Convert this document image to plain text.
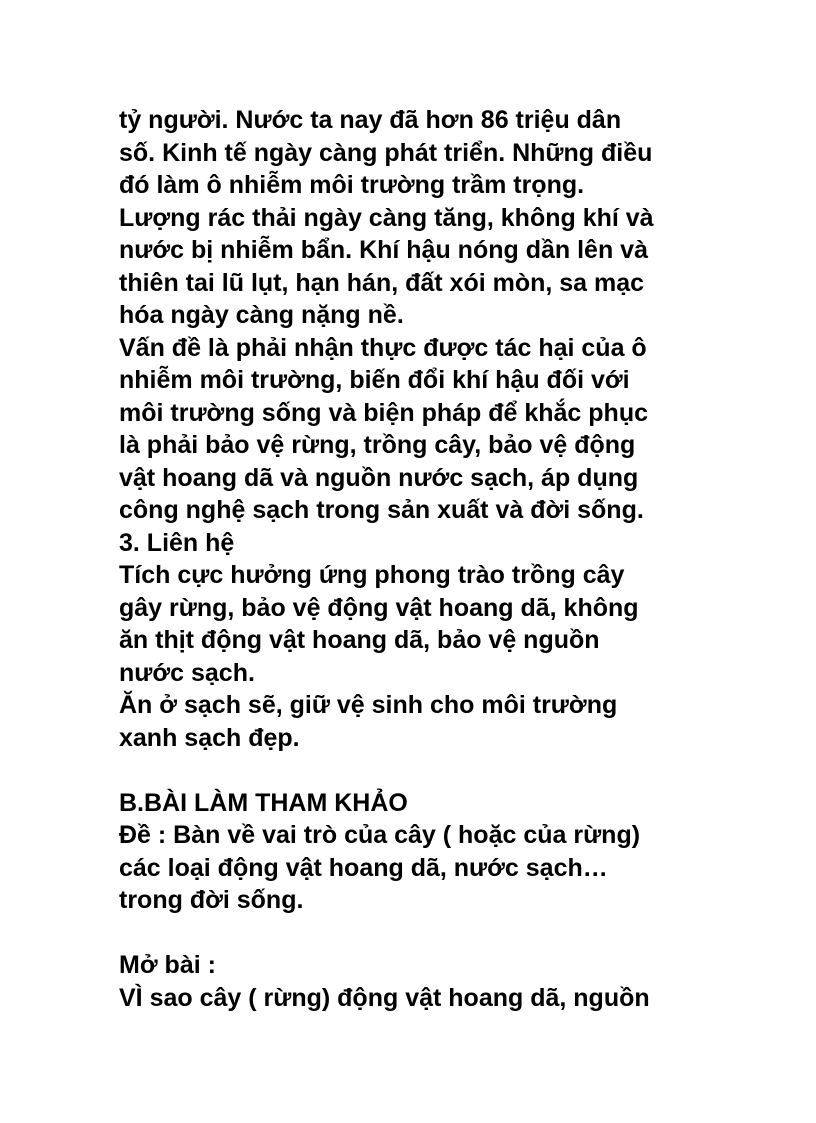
tỷ người. Nước ta nay đã hơn 86 triệu dân
số. Kinh tế ngày càng phát triển. Những điều
đó làm ô nhiễm môi trường trầm trọng.
Lượng rác thải ngày càng tăng, không khí và
nước bị nhiễm bẩn. Khí hậu nóng dần lên và
thiên tai lũ lụt, hạn hán, đất xói mòn, sa mạc
hóa ngày càng nặng nề.
Vấn đề là phải nhận thực được tác hại của ô
nhiễm môi trường, biến đổi khí hậu đối với
môi trường sống và biện pháp để khắc phục
là phải bảo vệ rừng, trồng cây, bảo vệ động
vật hoang dã và nguồn nước sạch, áp dụng
công nghệ sạch trong sản xuất và đời sống.
3. Liên hệ
Tích cực hưởng ứng phong trào trồng cây
gây rừng, bảo vệ động vật hoang dã, không
ăn thịt động vật hoang dã, bảo vệ nguồn
nước sạch.
Ăn ở sạch sẽ, giữ vệ sinh cho môi trường
xanh sạch đẹp.
B.BÀI LÀM THAM KHẢO
Đề : Bàn về vai trò của cây ( hoặc của rừng)
các loại động vật hoang dã, nước sạch…
trong đời sống.
Mở bài :
VÌ sao cây ( rừng) động vật hoang dã, nguồn
